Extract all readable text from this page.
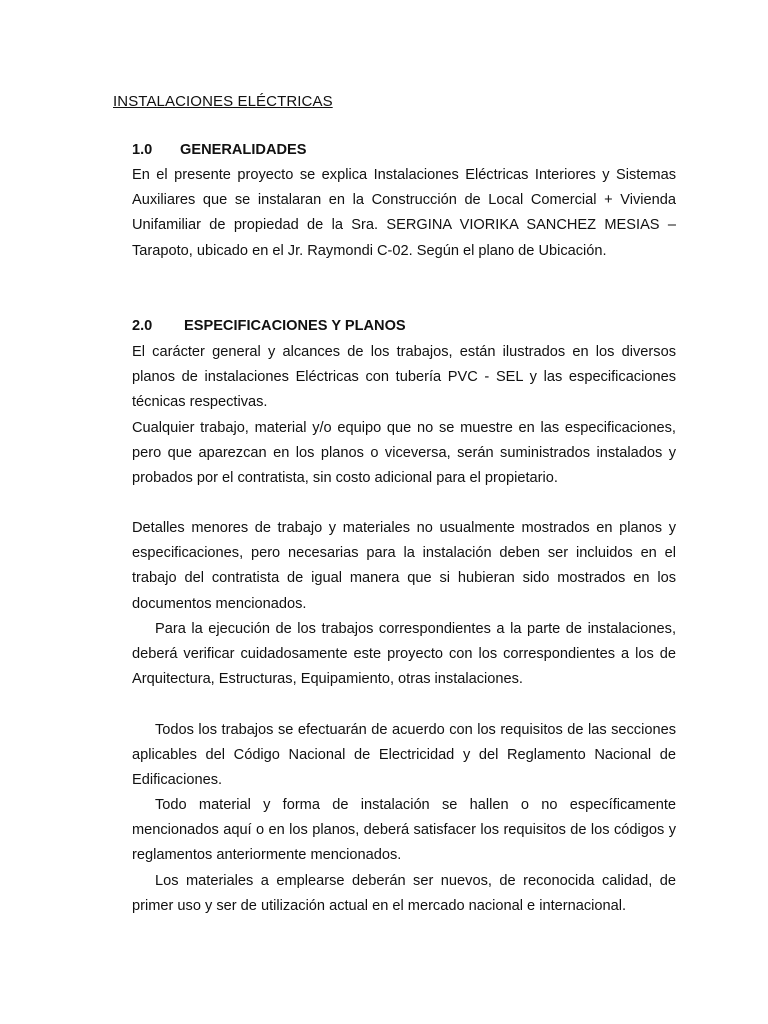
INSTALACIONES ELÉCTRICAS
1.0 GENERALIDADES

En el presente proyecto se explica Instalaciones Eléctricas Interiores y Sistemas Auxiliares que se instalaran en la Construcción de Local Comercial + Vivienda Unifamiliar de propiedad de la Sra. SERGINA VIORIKA SANCHEZ MESIAS – Tarapoto, ubicado en el Jr. Raymondi C-02. Según el plano de Ubicación.

2.0 ESPECIFICACIONES Y PLANOS

El carácter general y alcances de los trabajos, están ilustrados en los diversos planos de instalaciones Eléctricas con tubería PVC - SEL y las especificaciones técnicas respectivas.

Cualquier trabajo, material y/o equipo que no se muestre en las especificaciones, pero que aparezcan en los planos o viceversa, serán suministrados instalados y probados por el contratista, sin costo adicional para el propietario.

Detalles menores de trabajo y materiales no usualmente mostrados en planos y especificaciones, pero necesarias para la instalación deben ser incluidos en el trabajo del contratista de igual manera que si hubieran sido mostrados en los documentos mencionados.

Para la ejecución de los trabajos correspondientes a la parte de instalaciones, deberá verificar cuidadosamente este proyecto con los correspondientes a los de Arquitectura, Estructuras, Equipamiento, otras instalaciones.

Todos los trabajos se efectuarán de acuerdo con los requisitos de las secciones aplicables del Código Nacional de Electricidad y del Reglamento Nacional de Edificaciones.

Todo material y forma de instalación se hallen o no específicamente mencionados aquí o en los planos, deberá satisfacer los requisitos de los códigos y reglamentos anteriormente mencionados.

Los materiales a emplearse deberán ser nuevos, de reconocida calidad, de primer uso y ser de utilización actual en el mercado nacional e internacional.
